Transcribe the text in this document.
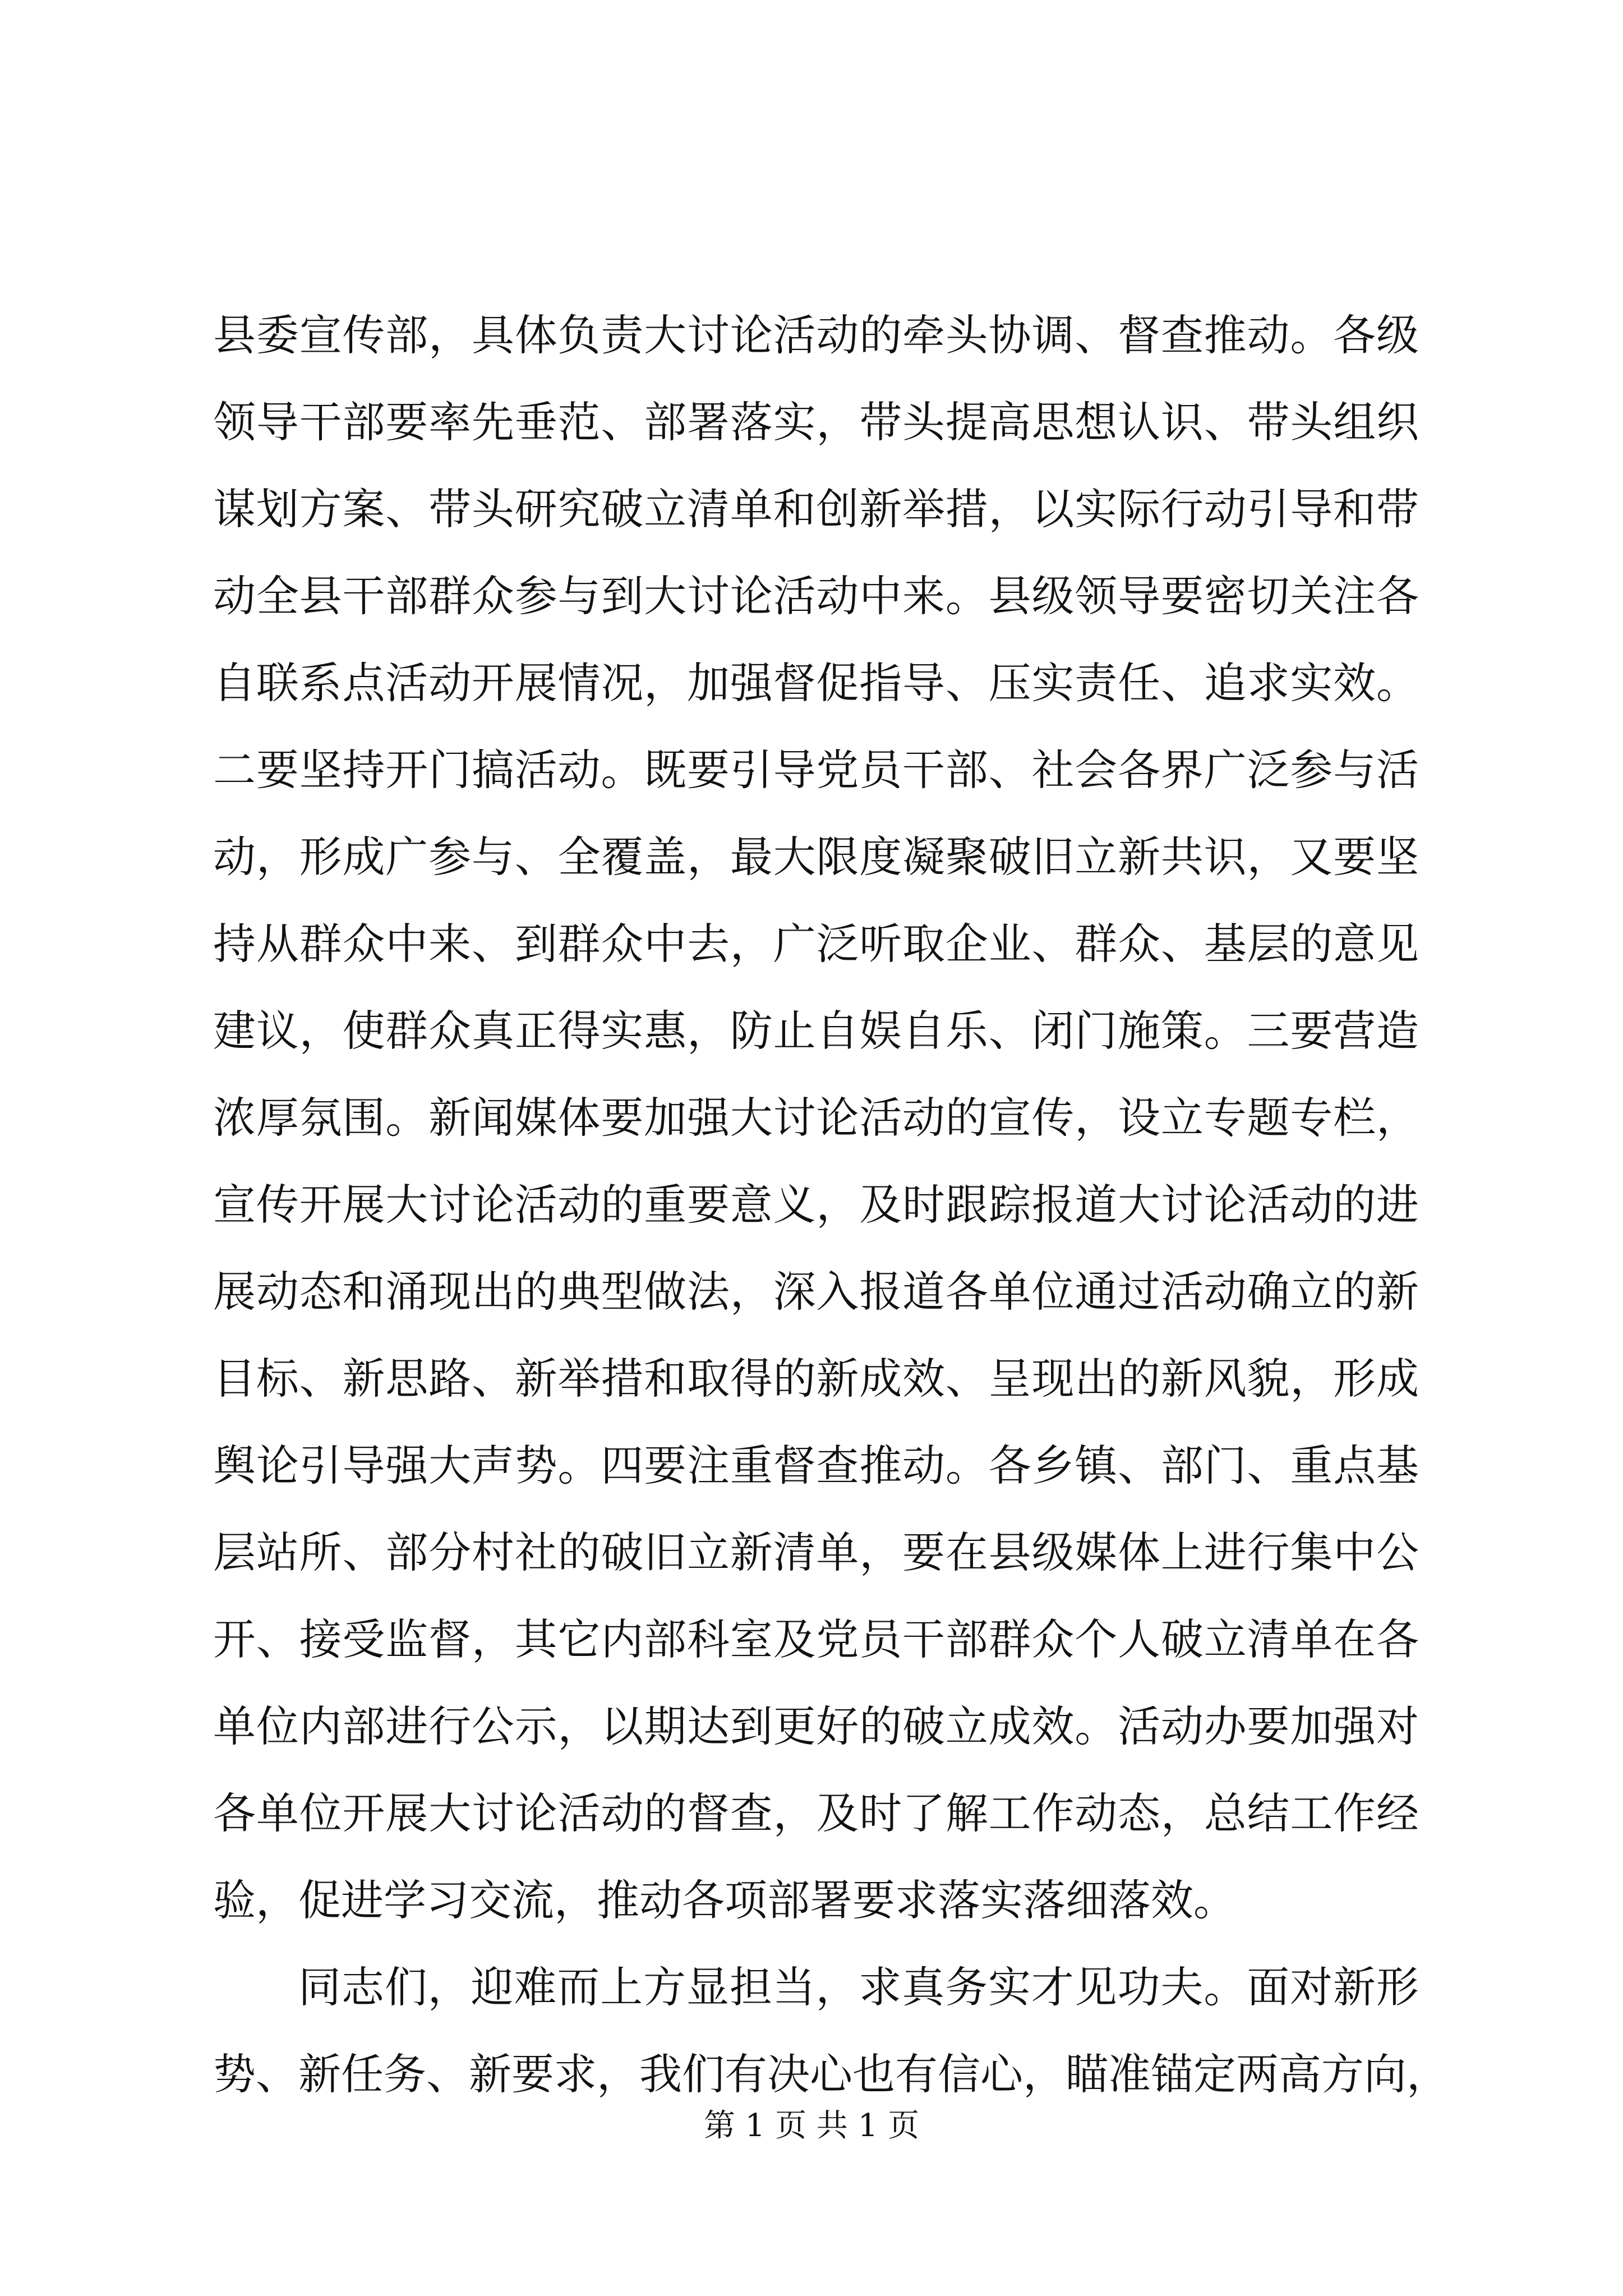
县 委 宣 传 部 ， 具 体 负 责 大 讨 论 活 动 的 牵 头 协 调 、 督 查 推 动 。 各 级
领 导 干 部 要 率 先 垂 范 、 部 署 落 实 ， 带 头 提 高 思 想 认 识 、 带 头 组 织
谋 划 方 案 、 带 头 研 究 破 立 清 单 和 创 新 举 措 ， 以 实 际 行 动 引 导 和 带
动 全 县 干 部 群 众 参 与 到 大 讨 论 活 动 中 来 。 县 级 领 导 要 密 切 关 注 各
自 联 系 点 活 动 开 展 情 况 ， 加 强 督 促 指 导 、 压 实 责 任 、 追 求 实 效 。
二 要 坚 持 开 门 搞 活 动 。 既 要 引 导 党 员 干 部 、 社 会 各 界 广 泛 参 与 活
动 ， 形 成 广 参 与 、 全 覆 盖 ， 最 大 限 度 凝 聚 破 旧 立 新 共 识 ， 又 要 坚
持 从 群 众 中 来 、 到 群 众 中 去 ， 广 泛 听 取 企 业 、 群 众 、 基 层 的 意 见
建 议 ， 使 群 众 真 正 得 实 惠 ， 防 止 自 娱 自 乐 、 闭 门 施 策 。 三 要 营 造
浓 厚 氛 围 。 新 闻 媒 体 要 加 强 大 讨 论 活 动 的 宣 传 ， 设 立 专 题 专 栏 ，
宣 传 开 展 大 讨 论 活 动 的 重 要 意 义 ， 及 时 跟 踪 报 道 大 讨 论 活 动 的 进
展 动 态 和 涌 现 出 的 典 型 做 法 ， 深 入 报 道 各 单 位 通 过 活 动 确 立 的 新
目 标 、 新 思 路 、 新 举 措 和 取 得 的 新 成 效 、 呈 现 出 的 新 风 貌 ， 形 成
舆 论 引 导 强 大 声 势 。 四 要 注 重 督 查 推 动 。 各 乡 镇 、 部 门 、 重 点 基
层 站 所 、 部 分 村 社 的 破 旧 立 新 清 单 ， 要 在 县 级 媒 体 上 进 行 集 中 公
开 、 接 受 监 督 ， 其 它 内 部 科 室 及 党 员 干 部 群 众 个 人 破 立 清 单 在 各
单 位 内 部 进 行 公 示 ， 以 期 达 到 更 好 的 破 立 成 效 。 活 动 办 要 加 强 对
各 单 位 开 展 大 讨 论 活 动 的 督 查 ， 及 时 了 解 工 作 动 态 ， 总 结 工 作 经
验 ， 促 进 学 习 交 流 ， 推 动 各 项 部 署 要 求 落 实 落 细 落 效 。
同 志 们 ， 迎 难 而 上 方 显 担 当 ， 求 真 务 实 才 见 功 夫 。 面 对 新 形
势 、 新 任 务 、 新 要 求 ， 我 们 有 决 心 也 有 信 心 ， 瞄 准 锚 定 两 高 方 向 ，
第 1 页 共 1 页
